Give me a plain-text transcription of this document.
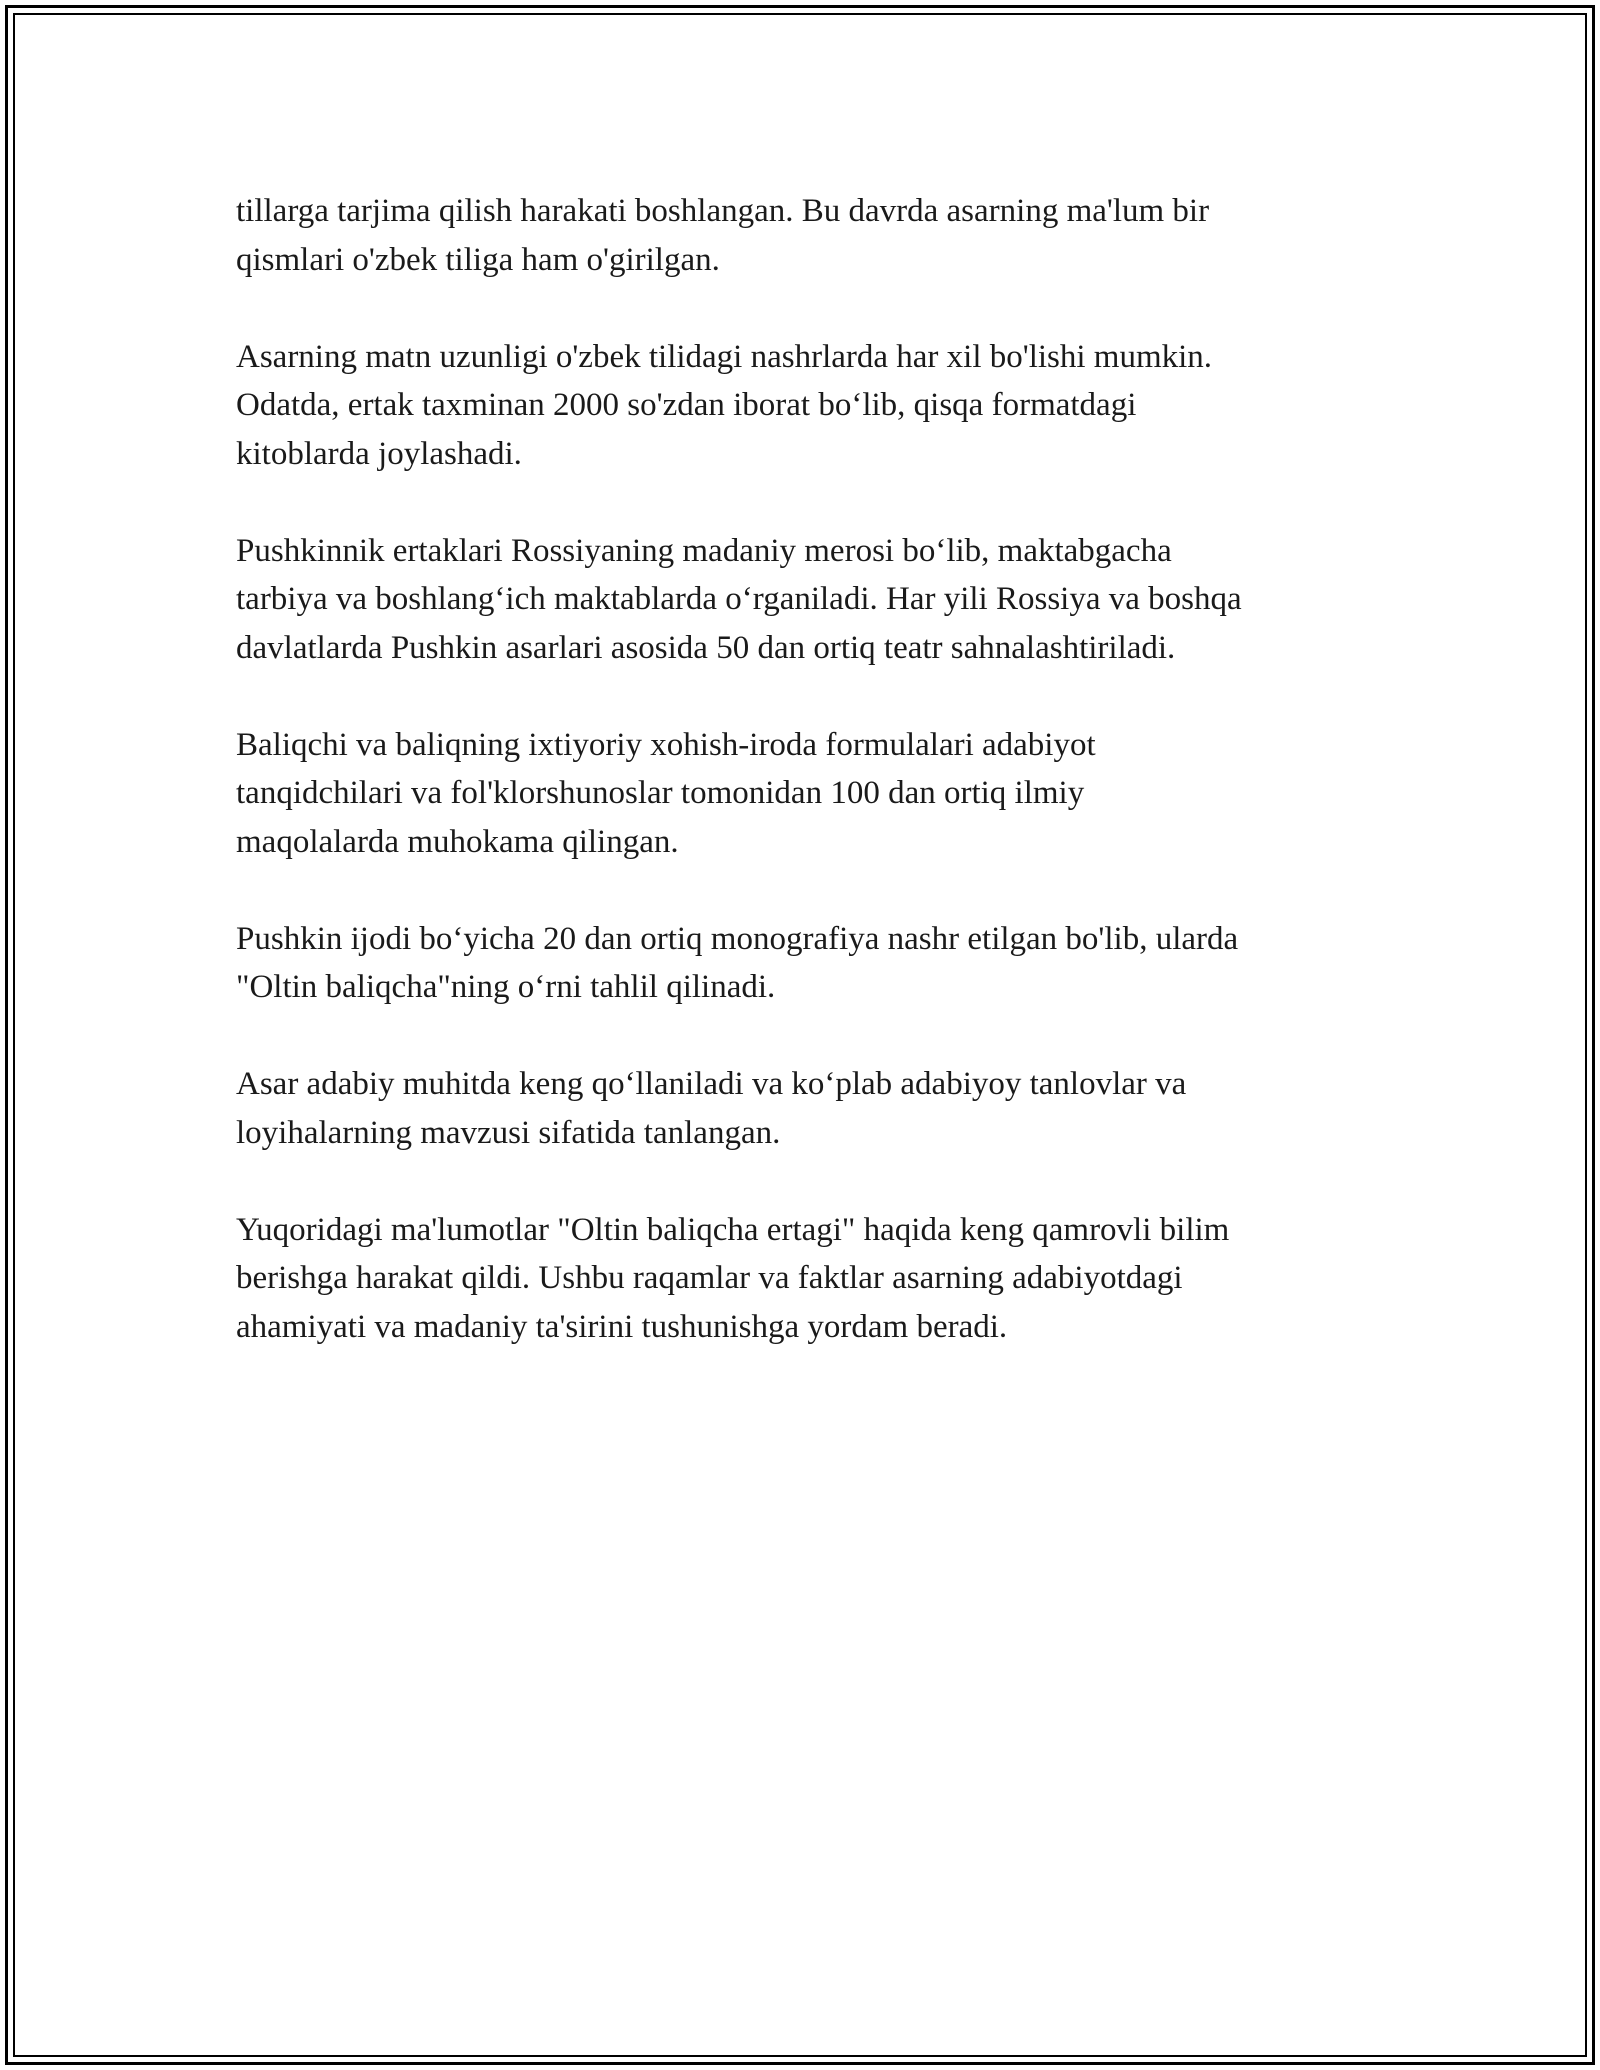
tillarga tarjima qilish harakati boshlangan. Bu davrda asarning ma'lum bir
qismlari o'zbek tiliga ham o'girilgan.

Asarning matn uzunligi o'zbek tilidagi nashrlarda har xil bo'lishi mumkin.
Odatda, ertak taxminan 2000 so'zdan iborat bo‘lib, qisqa formatdagi
kitoblarda joylashadi.

Pushkinnik ertaklari Rossiyaning madaniy merosi bo‘lib, maktabgacha
tarbiya va boshlang‘ich maktablarda o‘rganiladi. Har yili Rossiya va boshqa
davlatlarda Pushkin asarlari asosida 50 dan ortiq teatr sahnalashtiriladi.

Baliqchi va baliqning ixtiyoriy xohish-iroda formulalari adabiyot
tanqidchilari va fol'klorshunoslar tomonidan 100 dan ortiq ilmiy
maqolalarda muhokama qilingan.

Pushkin ijodi bo‘yicha 20 dan ortiq monografiya nashr etilgan bo'lib, ularda
"Oltin baliqcha"ning o‘rni tahlil qilinadi.

Asar adabiy muhitda keng qo‘llaniladi va ko‘plab adabiyoy tanlovlar va
loyihalarning mavzusi sifatida tanlangan.

Yuqoridagi ma'lumotlar "Oltin baliqcha ertagi" haqida keng qamrovli bilim
berishga harakat qildi. Ushbu raqamlar va faktlar asarning adabiyotdagi
ahamiyati va madaniy ta'sirini tushunishga yordam beradi.
